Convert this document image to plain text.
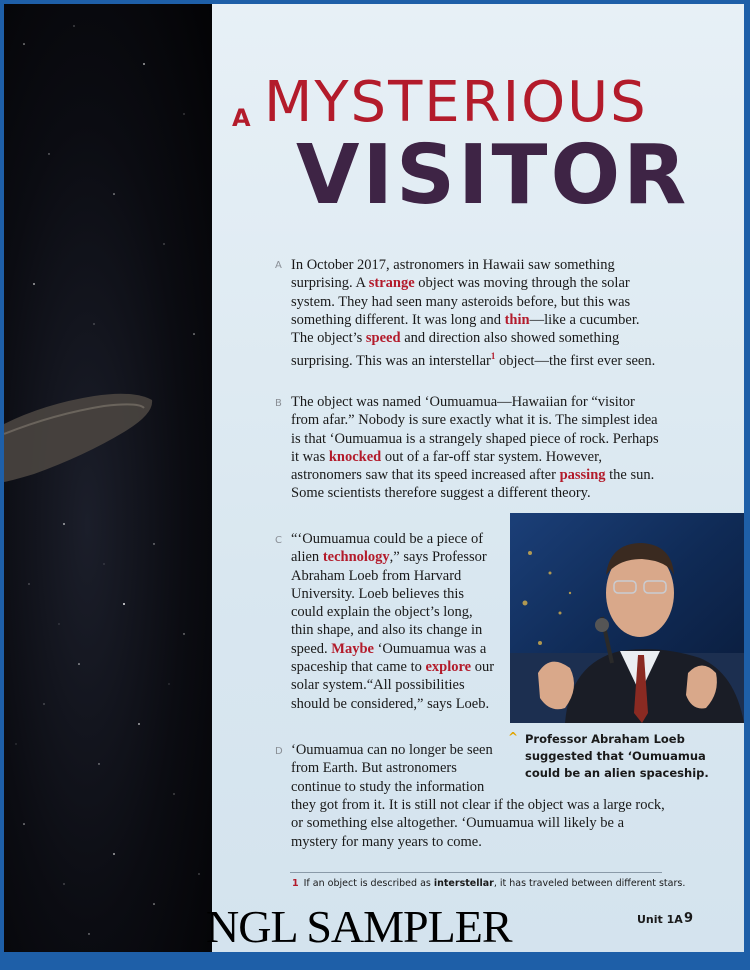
A MYSTERIOUS
VISITOR
A In October 2017, astronomers in Hawaii saw something surprising. A strange object was moving through the solar system. They had seen many asteroids before, but this was something different. It was long and thin—like a cucumber. The object’s speed and direction also showed something surprising. This was an interstellar$^1$ object—the first ever seen.
B The object was named ‘Oumuamua—Hawaiian for “visitor from afar.” Nobody is sure exactly what it is. The simplest idea is that ‘Oumuamua is a strangely shaped piece of rock. Perhaps it was knocked out of a far-off star system. However, astronomers saw that its speed increased after passing the sun. Some scientists therefore suggest a different theory.
C “‘Oumuamua could be a piece of alien technology,” says Professor Abraham Loeb from Harvard University. Loeb believes this could explain the object’s long, thin shape, and also its change in speed. Maybe ‘Oumuamua was a spaceship that came to explore our solar system.“All possibilities should be considered,” says Loeb.
D ‘Oumuamua can no longer be seen from Earth. But astronomers continue to study the information
they got from it. It is still not clear if the object was a large rock, or something else altogether. ‘Oumuamua will likely be a mystery for many years to come.
^ Professor Abraham Loeb suggested that ‘Oumuamua could be an alien spaceship.
1 If an object is described as interstellar, it has traveled between different stars.
NGL SAMPLER	Unit 1A 9
